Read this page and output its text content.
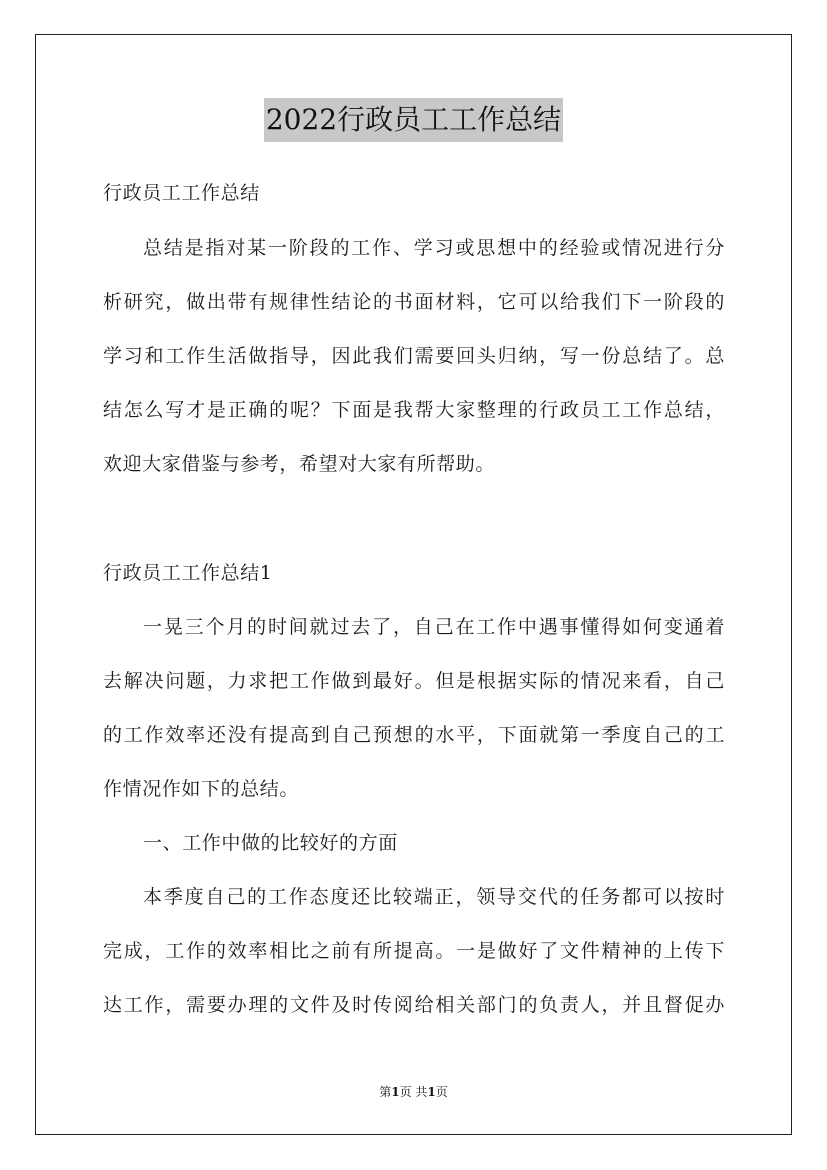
2022行政员工工作总结
行政员工工作总结
总结是指对某一阶段的工作、学习或思想中的经验或情况进行分
析研究，做出带有规律性结论的书面材料，它可以给我们下一阶段的
学习和工作生活做指导，因此我们需要回头归纳，写一份总结了。总
结怎么写才是正确的呢？下面是我帮大家整理的行政员工工作总结，
欢迎大家借鉴与参考，希望对大家有所帮助。
行政员工工作总结1
一晃三个月的时间就过去了，自己在工作中遇事懂得如何变通着
去解决问题，力求把工作做到最好。但是根据实际的情况来看，自己
的工作效率还没有提高到自己预想的水平，下面就第一季度自己的工
作情况作如下的总结。
一、工作中做的比较好的方面
本季度自己的工作态度还比较端正，领导交代的任务都可以按时
完成，工作的效率相比之前有所提高。一是做好了文件精神的上传下
达工作，需要办理的文件及时传阅给相关部门的负责人，并且督促办
第1页 共1页
